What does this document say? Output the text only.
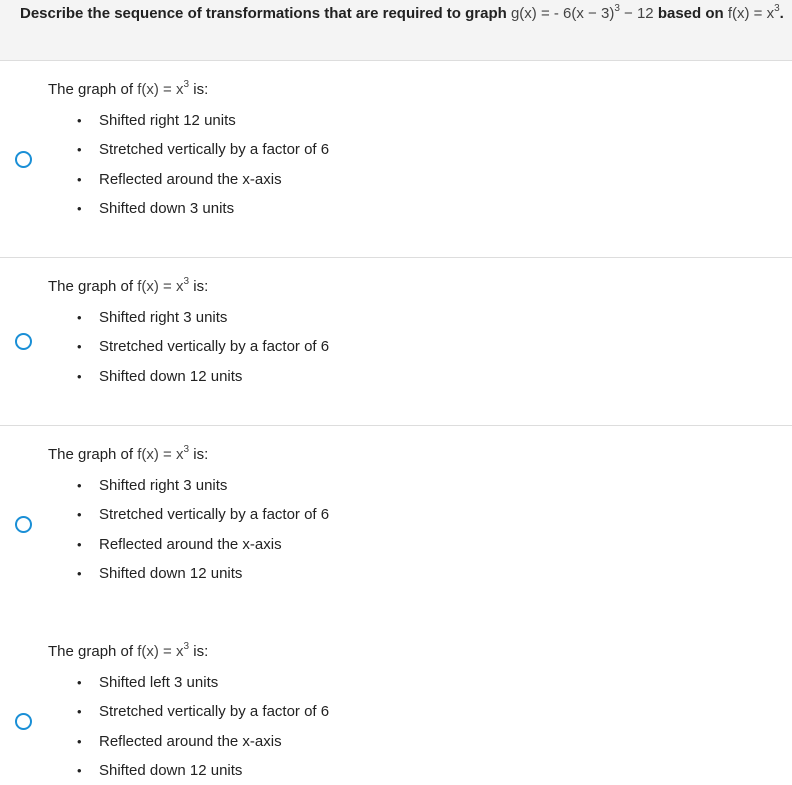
Describe the sequence of transformations that are required to graph g(x) = - $6(x - 3)^3 - 12$ based on $f(x) = x^3$.
The graph of $f(x) = x^3$ is:
• Shifted right 12 units
• Stretched vertically by a factor of 6
• Reflected around the x-axis
• Shifted down 3 units
The graph of $f(x) = x^3$ is:
• Shifted right 3 units
• Stretched vertically by a factor of 6
• Shifted down 12 units
The graph of $f(x) = x^3$ is:
• Shifted right 3 units
• Stretched vertically by a factor of 6
• Reflected around the x-axis
• Shifted down 12 units
The graph of $f(x) = x^3$ is:
• Shifted left 3 units
• Stretched vertically by a factor of 6
• Reflected around the x-axis
• Shifted down 12 units
